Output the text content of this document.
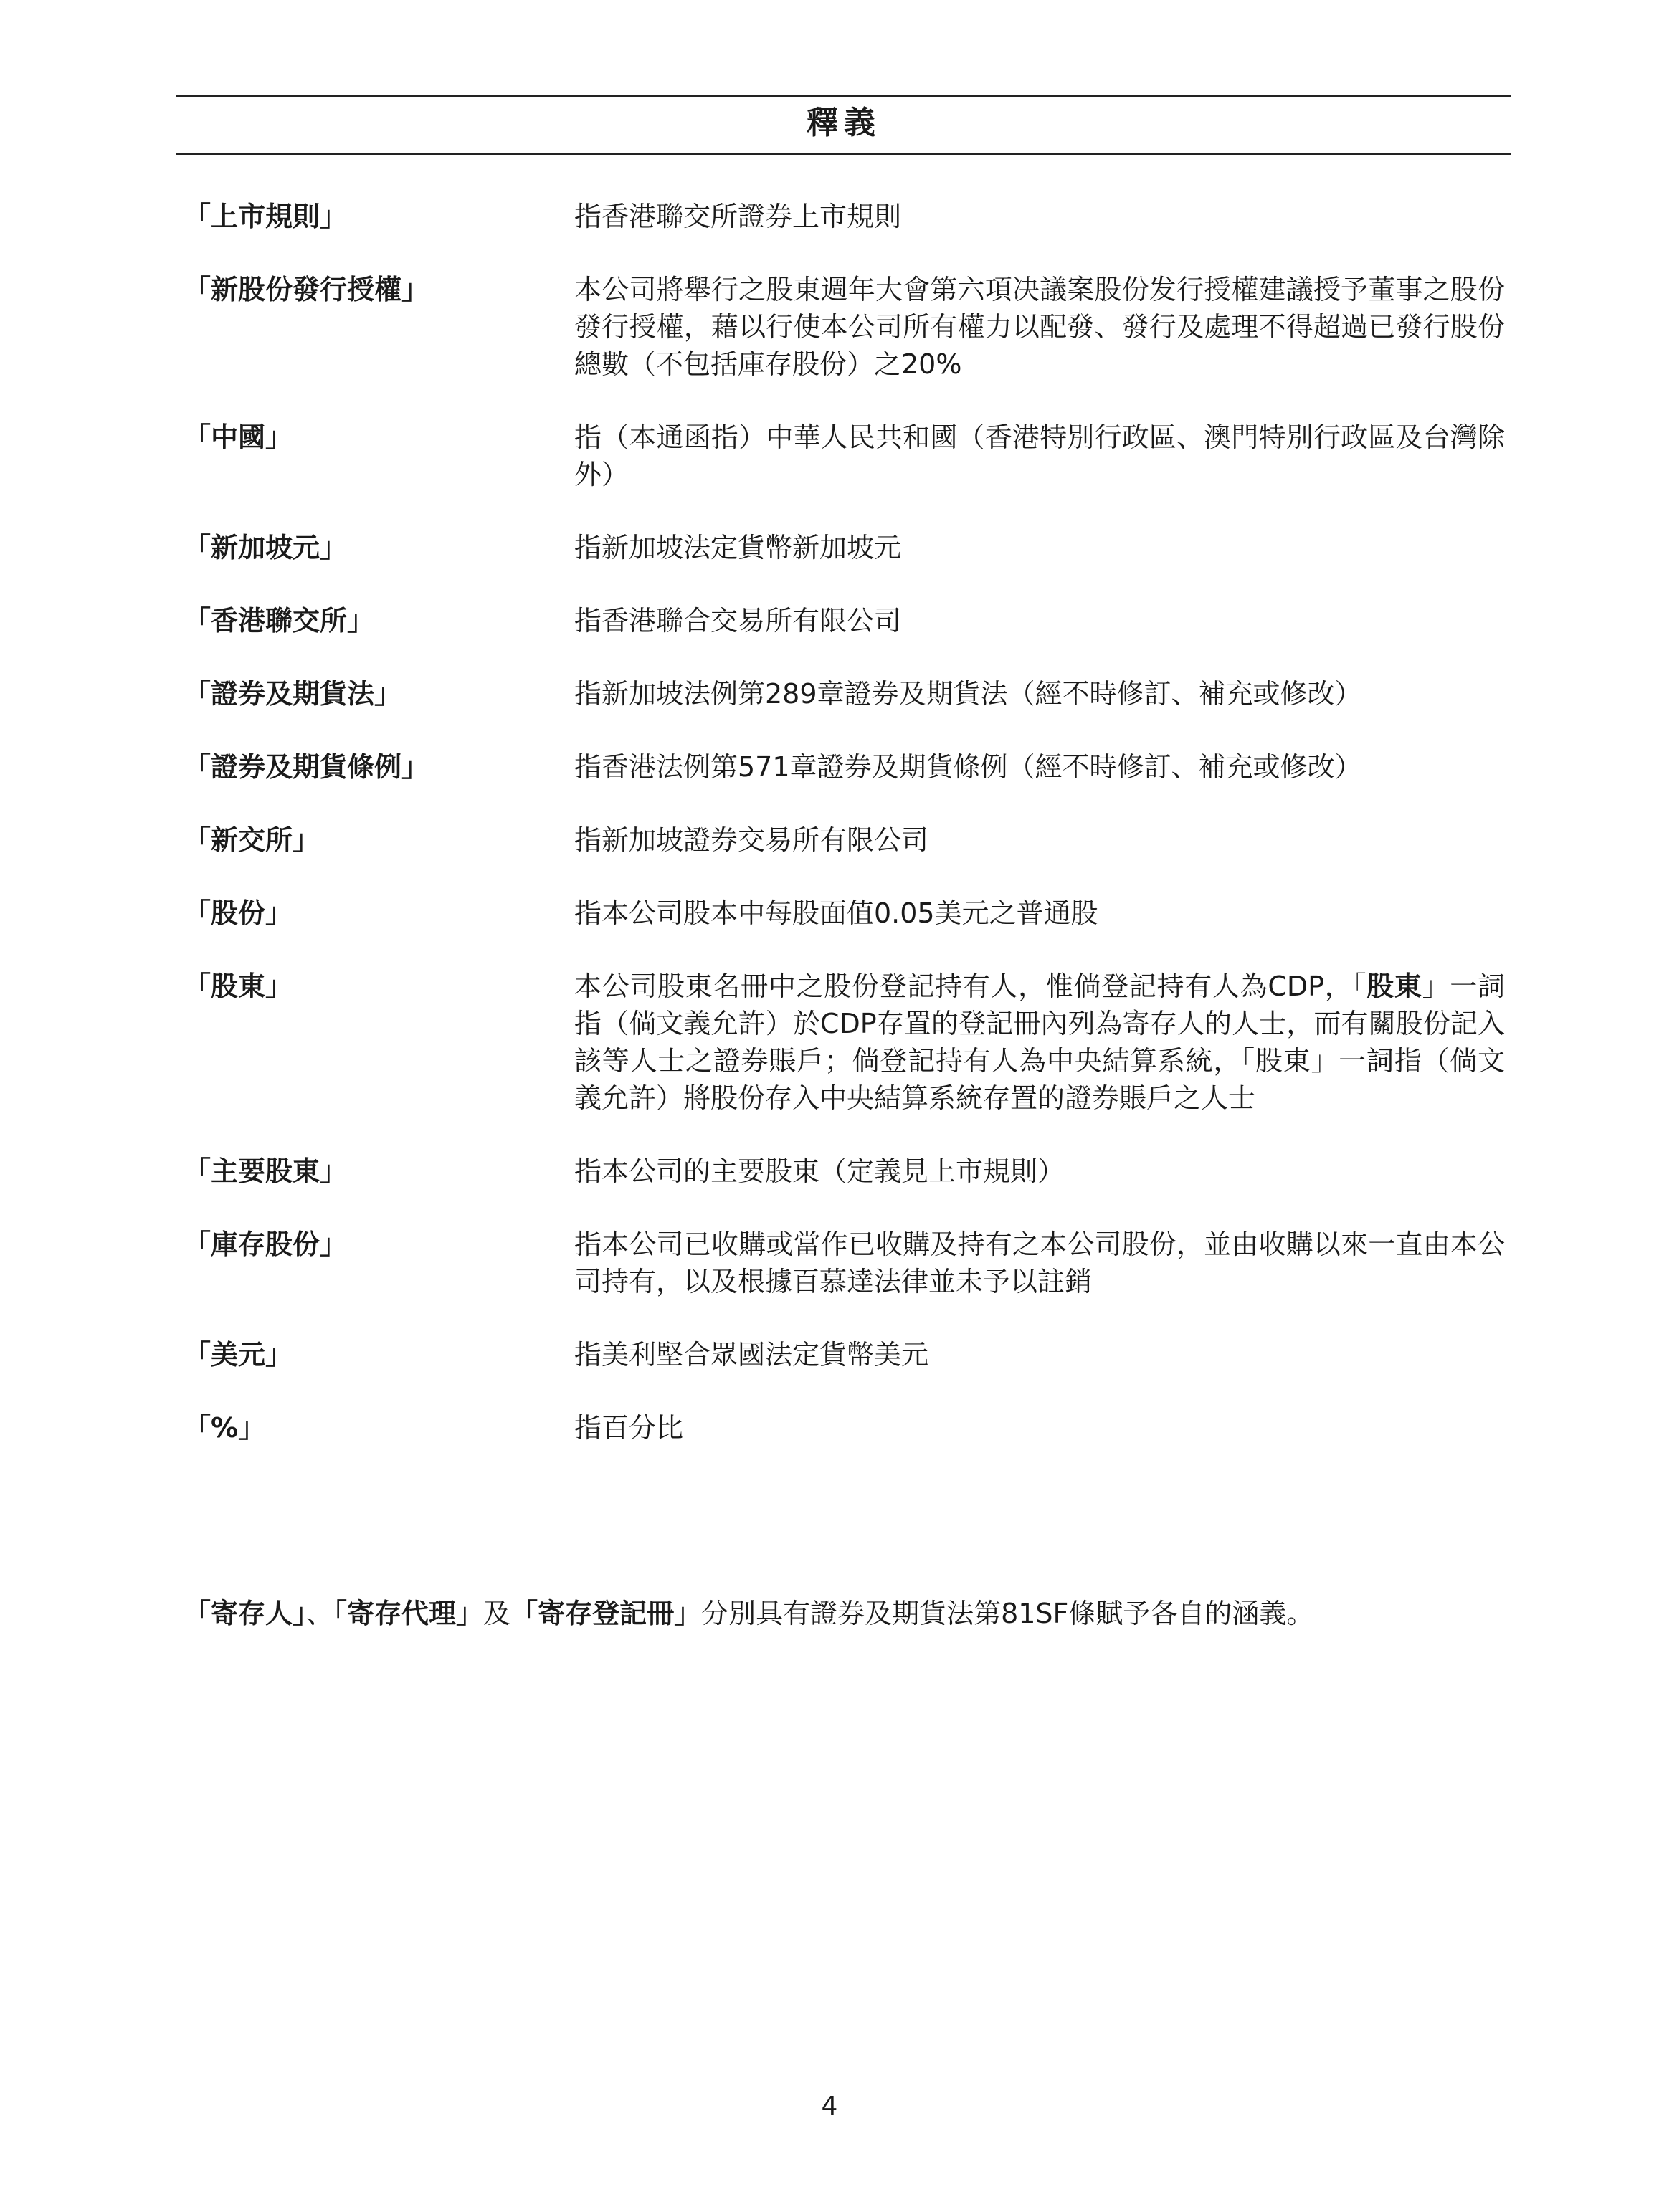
釋義
「上市規則」	指香港聯交所證券上市規則
「新股份發行授權」	本公司將舉行之股東週年大會第六項决議案股份发行授權建議授予董事之股份發行授權，藉以行使本公司所有權力以配發、發行及處理不得超過已發行股份總數（不包括庫存股份）之20%
「中國」	指（本通函指）中華人民共和國（香港特別行政區、澳門特別行政區及台灣除外）
「新加坡元」	指新加坡法定貨幣新加坡元
「香港聯交所」	指香港聯合交易所有限公司
「證券及期貨法」	指新加坡法例第289章證券及期貨法（經不時修訂、補充或修改）
「證券及期貨條例」	指香港法例第571章證券及期貨條例（經不時修訂、補充或修改）
「新交所」	指新加坡證券交易所有限公司
「股份」	指本公司股本中每股面值0.05美元之普通股
「股東」	本公司股東名冊中之股份登記持有人，惟倘登記持有人為CDP，「股東」一詞指（倘文義允許）於CDP存置的登記冊內列為寄存人的人士，而有關股份記入該等人士之證券賬戶；倘登記持有人為中央結算系統，「股東」一詞指（倘文義允許）將股份存入中央結算系統存置的證券賬戶之人士
「主要股東」	指本公司的主要股東（定義見上市規則）
「庫存股份」	指本公司已收購或當作已收購及持有之本公司股份，並由收購以來一直由本公司持有，以及根據百慕達法律並未予以註銷
「美元」	指美利堅合眾國法定貨幣美元
「%」	指百分比
「寄存人」、「寄存代理」及「寄存登記冊」分別具有證券及期貨法第81SF條賦予各自的涵義。
4
